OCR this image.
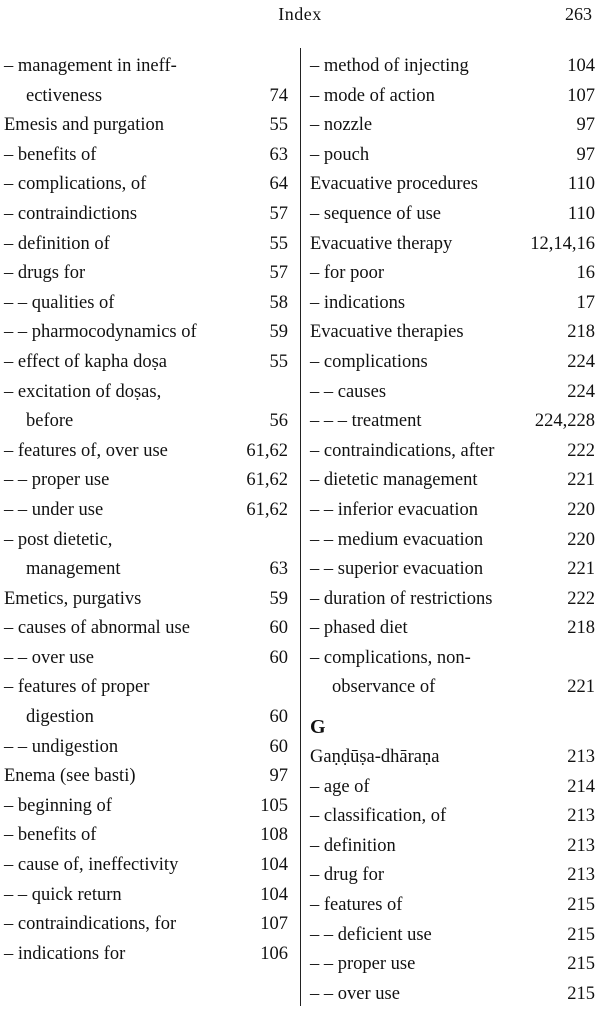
Index	263
– management in ineff-
ectiveness	74
Emesis and purgation	55
– benefits of	63
– complications, of	64
– contraindictions	57
– definition of	55
– drugs for	57
– – qualities of	58
– – pharmocodynamics of	59
– effect of kapha doṣa	55
– excitation of doṣas,
before	56
– features of, over use	61,62
– – proper use	61,62
– – under use	61,62
– post dietetic,
management	63
Emetics, purgativs	59
– causes of abnormal use	60
– – over use	60
– features of proper
digestion	60
– – undigestion	60
Enema (see basti)	97
– beginning of	105
– benefits of	108
– cause of, ineffectivity	104
– – quick return	104
– contraindications, for	107
– indications for	106
– method of injecting	104
– mode of action	107
– nozzle	97
– pouch	97
Evacuative procedures	110
– sequence of use	110
Evacuative therapy	12,14,16
– for poor	16
– indications	17
Evacuative therapies	218
– complications	224
– – causes	224
– – – treatment	224,228
– contraindications, after	222
– dietetic management	221
– – inferior evacuation	220
– – medium evacuation	220
– – superior evacuation	221
– duration of restrictions	222
– phased diet	218
– complications, non-
observance of	221
G
Gaṇḍūṣa-dhāraṇa	213
– age of	214
– classification, of	213
– definition	213
– drug for	213
– features of	215
– – deficient use	215
– – proper use	215
– – over use	215
